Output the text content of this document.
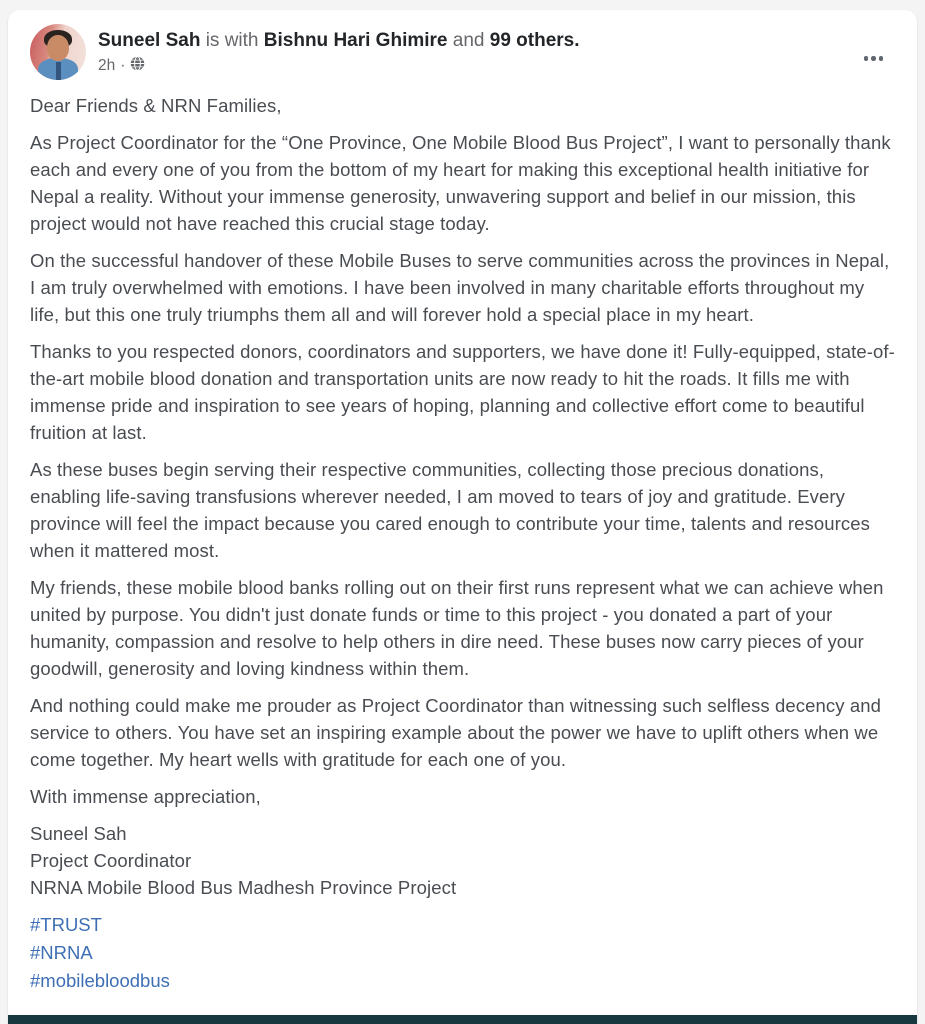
Suneel Sah is with Bishnu Hari Ghimire and 99 others.
2h ·

Dear Friends & NRN Families,

As Project Coordinator for the “One Province, One Mobile Blood Bus Project”, I want to personally thank each and every one of you from the bottom of my heart for making this exceptional health initiative for Nepal a reality. Without your immense generosity, unwavering support and belief in our mission, this project would not have reached this crucial stage today.

On the successful handover of these Mobile Buses to serve communities across the provinces in Nepal, I am truly overwhelmed with emotions. I have been involved in many charitable efforts throughout my life, but this one truly triumphs them all and will forever hold a special place in my heart.

Thanks to you respected donors, coordinators and supporters, we have done it! Fully-equipped, state-of-the-art mobile blood donation and transportation units are now ready to hit the roads. It fills me with immense pride and inspiration to see years of hoping, planning and collective effort come to beautiful fruition at last.

As these buses begin serving their respective communities, collecting those precious donations, enabling life-saving transfusions wherever needed, I am moved to tears of joy and gratitude. Every province will feel the impact because you cared enough to contribute your time, talents and resources when it mattered most.

My friends, these mobile blood banks rolling out on their first runs represent what we can achieve when united by purpose. You didn't just donate funds or time to this project - you donated a part of your humanity, compassion and resolve to help others in dire need. These buses now carry pieces of your goodwill, generosity and loving kindness within them.

And nothing could make me prouder as Project Coordinator than witnessing such selfless decency and service to others. You have set an inspiring example about the power we have to uplift others when we come together. My heart wells with gratitude for each one of you.

With immense appreciation,

Suneel Sah
Project Coordinator
NRNA Mobile Blood Bus Madhesh Province Project
#TRUST
#NRNA
#mobilebloodbus
